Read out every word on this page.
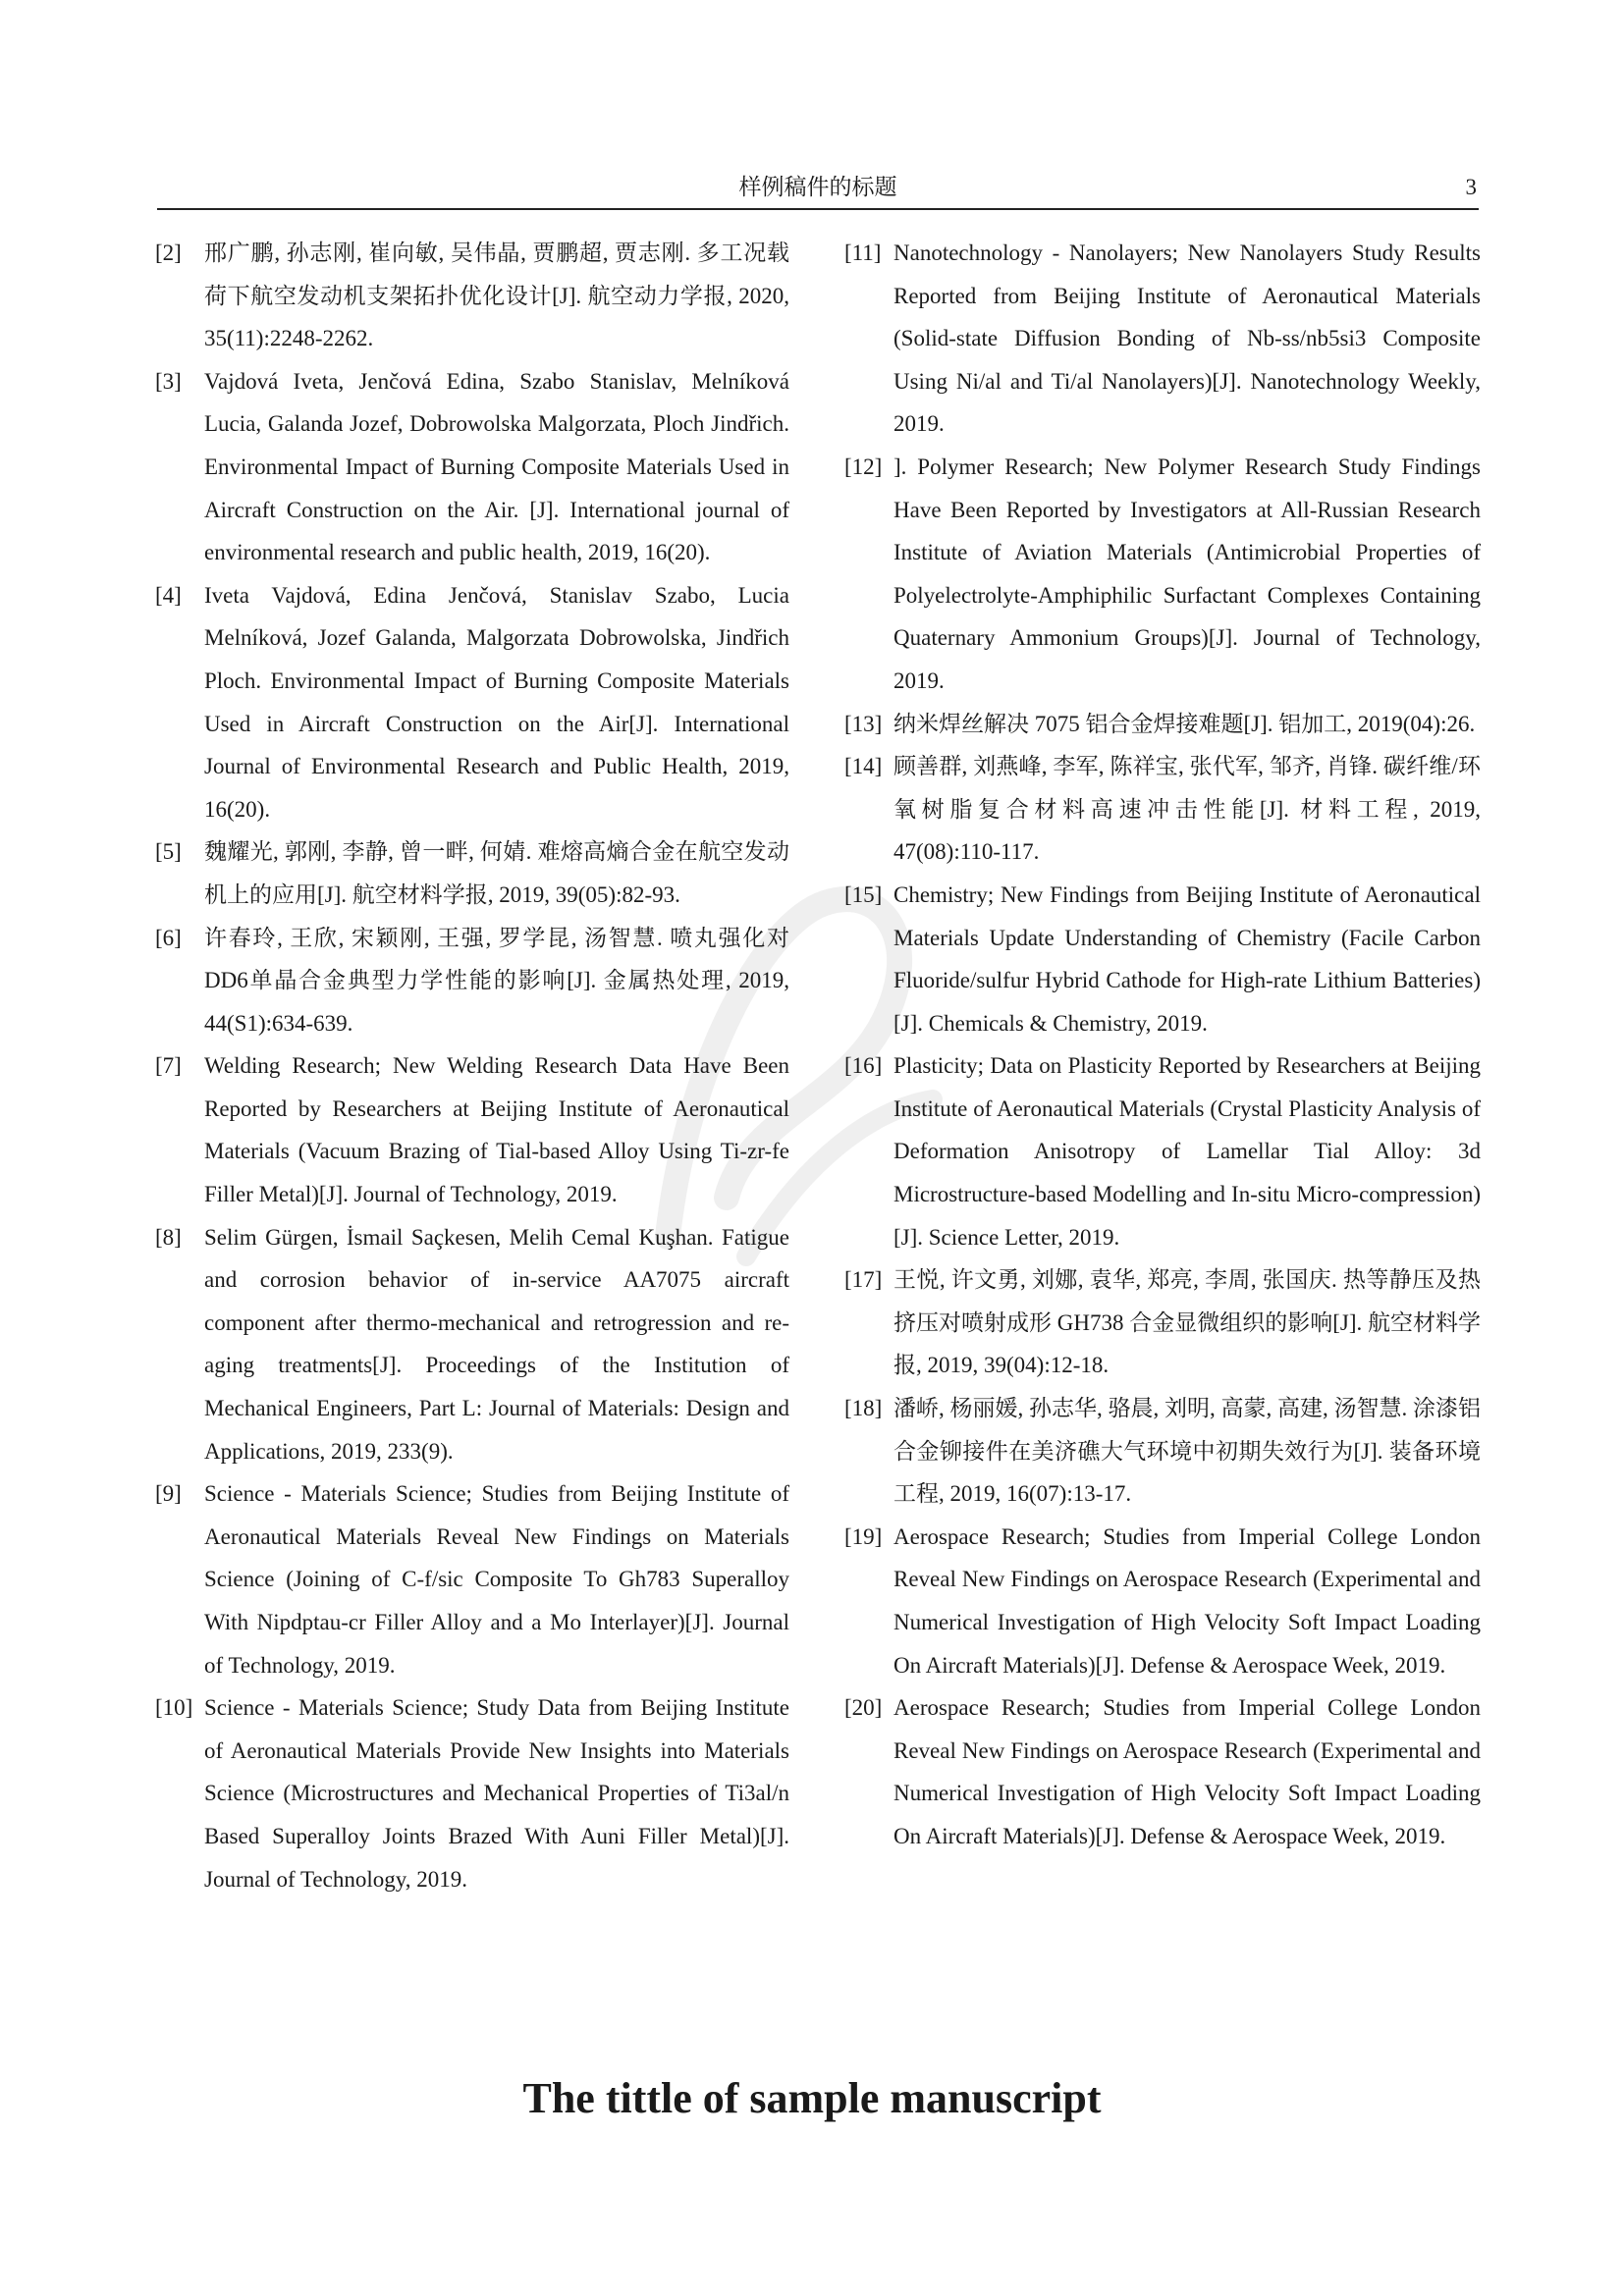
样例稿件的标题	3
[2] 邢广鹏, 孙志刚, 崔向敏, 吴伟晶, 贾鹏超, 贾志刚. 多工况载荷下航空发动机支架拓扑优化设计[J]. 航空动力学报, 2020, 35(11):2248-2262.
[3] Vajdová Iveta, Jenčová Edina, Szabo Stanislav, Melníková Lucia, Galanda Jozef, Dobrowolska Malgorzata, Ploch Jindřich. Environmental Impact of Burning Composite Materials Used in Aircraft Construction on the Air. [J]. International journal of environmental research and public health, 2019, 16(20).
[4] Iveta Vajdová, Edina Jenčová, Stanislav Szabo, Lucia Melníková, Jozef Galanda, Malgorzata Dobrowolska, Jindřich Ploch. Environmental Impact of Burning Composite Materials Used in Aircraft Construction on the Air[J]. International Journal of Environmental Research and Public Health, 2019, 16(20).
[5] 魏耀光, 郭刚, 李静, 曾一畔, 何婧. 难熔高熵合金在航空发动机上的应用[J]. 航空材料学报, 2019, 39(05):82-93.
[6] 许春玲, 王欣, 宋颖刚, 王强, 罗学昆, 汤智慧. 喷丸强化对DD6单晶合金典型力学性能的影响[J]. 金属热处理, 2019, 44(S1):634-639.
[7] Welding Research; New Welding Research Data Have Been Reported by Researchers at Beijing Institute of Aeronautical Materials (Vacuum Brazing of Tial-based Alloy Using Ti-zr-fe Filler Metal)[J]. Journal of Technology, 2019.
[8] Selim Gürgen, İsmail Saçkesen, Melih Cemal Kuşhan. Fatigue and corrosion behavior of in-service AA7075 aircraft component after thermo-mechanical and retrogression and re-aging treatments[J]. Proceedings of the Institution of Mechanical Engineers, Part L: Journal of Materials: Design and Applications, 2019, 233(9).
[9] Science - Materials Science; Studies from Beijing Institute of Aeronautical Materials Reveal New Findings on Materials Science (Joining of C-f/sic Composite To Gh783 Superalloy With Nipdptau-cr Filler Alloy and a Mo Interlayer)[J]. Journal of Technology, 2019.
[10] Science - Materials Science; Study Data from Beijing Institute of Aeronautical Materials Provide New Insights into Materials Science (Microstructures and Mechanical Properties of Ti3al/n Based Superalloy Joints Brazed With Auni Filler Metal)[J]. Journal of Technology, 2019.
[11] Nanotechnology - Nanolayers; New Nanolayers Study Results Reported from Beijing Institute of Aeronautical Materials (Solid-state Diffusion Bonding of Nb-ss/nb5si3 Composite Using Ni/al and Ti/al Nanolayers)[J]. Nanotechnology Weekly, 2019.
[12] ]. Polymer Research; New Polymer Research Study Findings Have Been Reported by Investigators at All-Russian Research Institute of Aviation Materials (Antimicrobial Properties of Polyelectrolyte-Amphiphilic Surfactant Complexes Containing Quaternary Ammonium Groups)[J]. Journal of Technology, 2019.
[13] 纳米焊丝解决 7075 铝合金焊接难题[J]. 铝加工, 2019(04):26.
[14] 顾善群, 刘燕峰, 李军, 陈祥宝, 张代军, 邹齐, 肖锋. 碳纤维/环氧树脂复合材料高速冲击性能[J]. 材料工程, 2019, 47(08):110-117.
[15] Chemistry; New Findings from Beijing Institute of Aeronautical Materials Update Understanding of Chemistry (Facile Carbon Fluoride/sulfur Hybrid Cathode for High-rate Lithium Batteries)[J]. Chemicals & Chemistry, 2019.
[16] Plasticity; Data on Plasticity Reported by Researchers at Beijing Institute of Aeronautical Materials (Crystal Plasticity Analysis of Deformation Anisotropy of Lamellar Tial Alloy: 3d Microstructure-based Modelling and In-situ Micro-compression)[J]. Science Letter, 2019.
[17] 王悦, 许文勇, 刘娜, 袁华, 郑亮, 李周, 张国庆. 热等静压及热挤压对喷射成形 GH738 合金显微组织的影响[J]. 航空材料学报, 2019, 39(04):12-18.
[18] 潘峤, 杨丽媛, 孙志华, 骆晨, 刘明, 高蒙, 高建, 汤智慧. 涂漆铝合金铆接件在美济礁大气环境中初期失效行为[J]. 装备环境工程, 2019, 16(07):13-17.
[19] Aerospace Research; Studies from Imperial College London Reveal New Findings on Aerospace Research (Experimental and Numerical Investigation of High Velocity Soft Impact Loading On Aircraft Materials)[J]. Defense & Aerospace Week, 2019.
[20] Aerospace Research; Studies from Imperial College London Reveal New Findings on Aerospace Research (Experimental and Numerical Investigation of High Velocity Soft Impact Loading On Aircraft Materials)[J]. Defense & Aerospace Week, 2019.
The tittle of sample manuscript
